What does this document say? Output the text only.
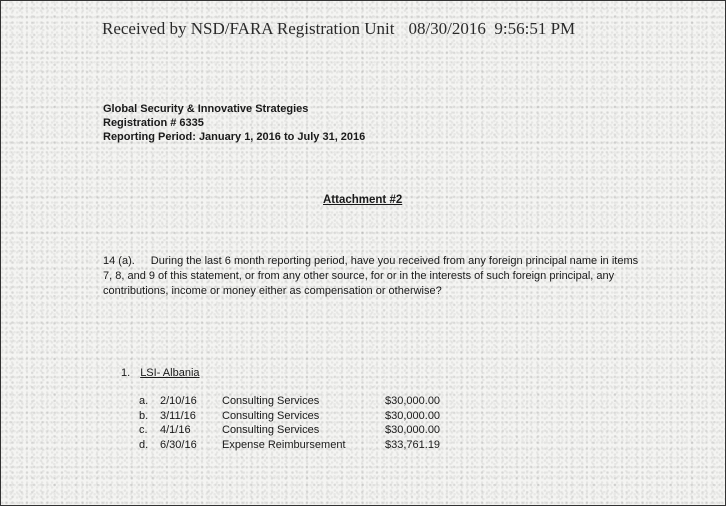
Received by NSD/FARA Registration Unit 08/30/2016 9:56:51 PM
Global Security & Innovative Strategies
Registration # 6335
Reporting Period: January 1, 2016 to July 31, 2016
Attachment #2
14 (a). During the last 6 month reporting period, have you received from any foreign principal name in items 7, 8, and 9 of this statement, or from any other source, for or in the interests of such foreign principal, any contributions, income or money either as compensation or otherwise?
1. LSI- Albania
a.	2/10/16	Consulting Services	$30,000.00
b.	3/11/16	Consulting Services	$30,000.00
c.	4/1/16	Consulting Services	$30,000.00
d.	6/30/16	Expense Reimbursement	$33,761.19
